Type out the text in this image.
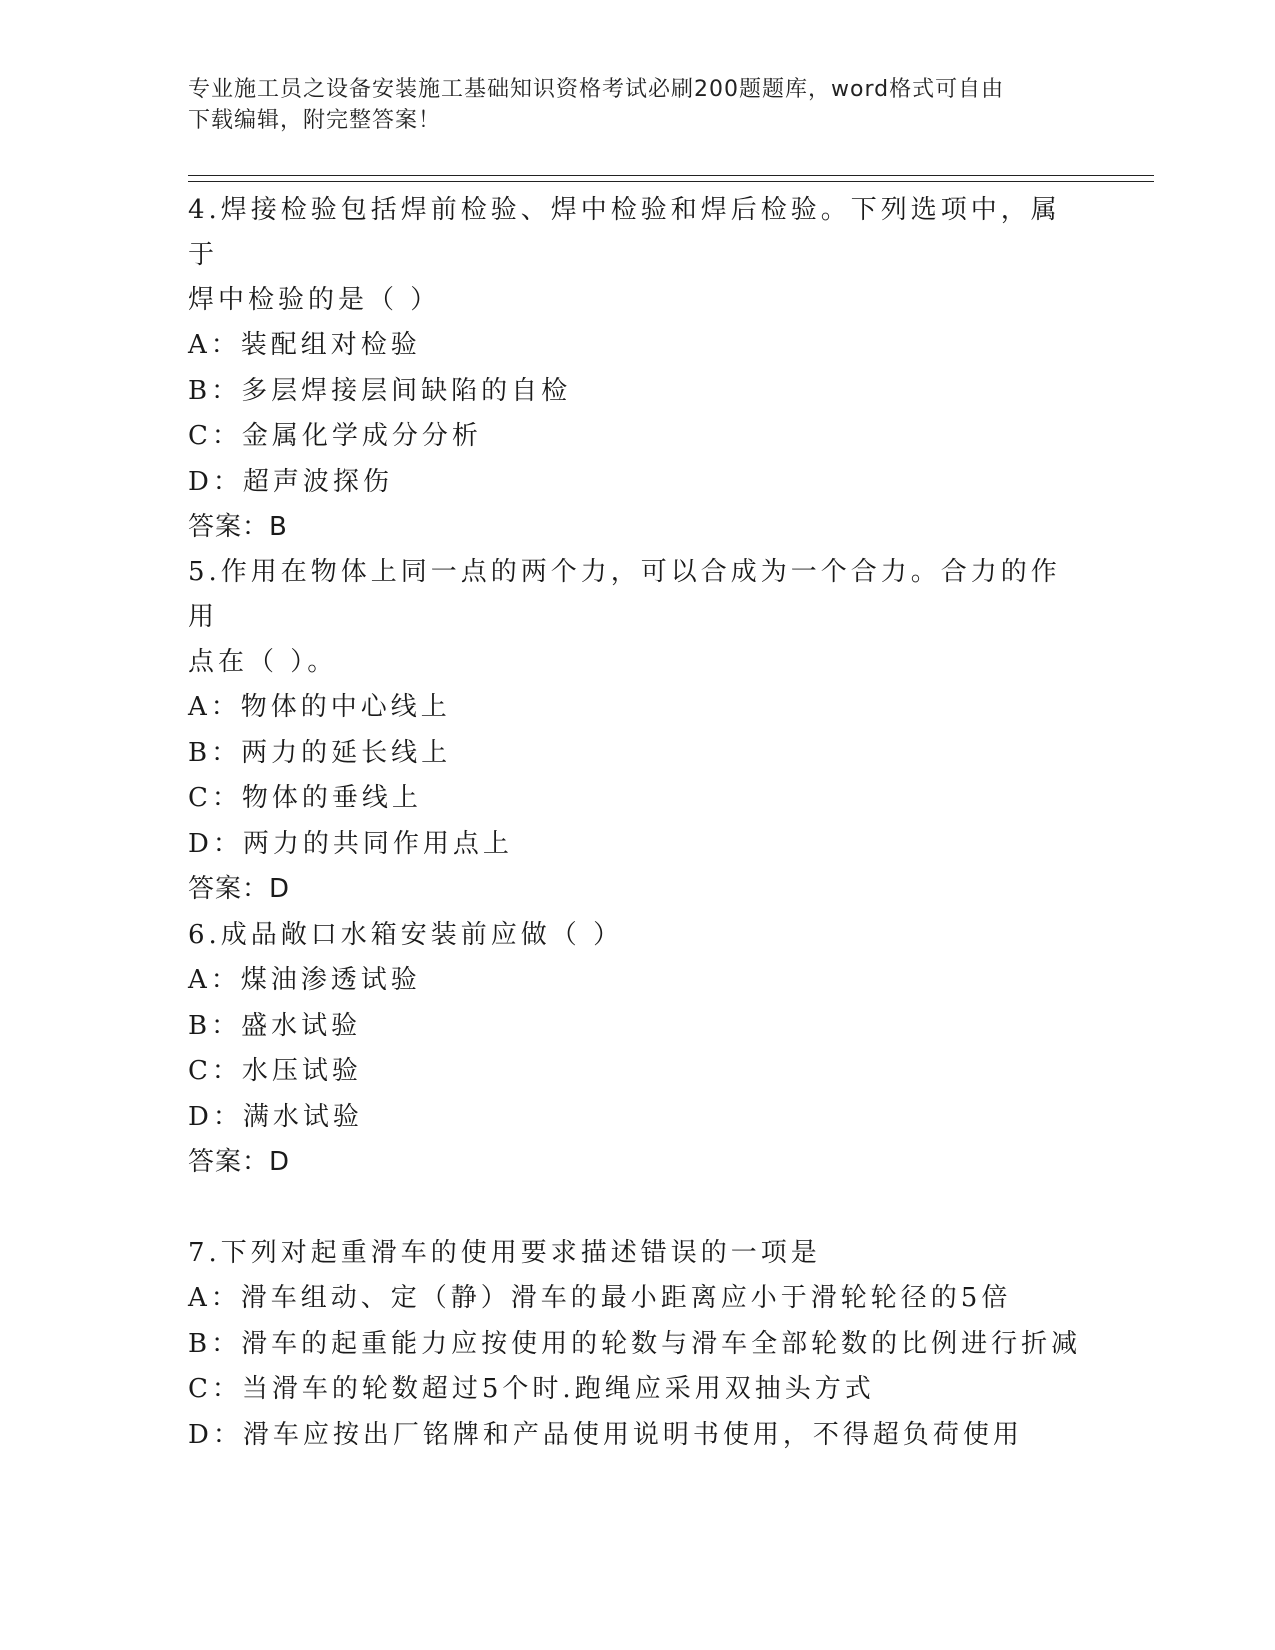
专业施工员之设备安装施工基础知识资格考试必刷200题题库，word格式可自由
下载编辑，附完整答案！

4.焊接检验包括焊前检验、焊中检验和焊后检验。下列选项中，属于

焊中检验的是（ ）

A：装配组对检验

B：多层焊接层间缺陷的自检

C：金属化学成分分析

D：超声波探伤

答案：B

5.作用在物体上同一点的两个力，可以合成为一个合力。合力的作用

点在（ ）。

A：物体的中心线上

B：两力的延长线上

C：物体的垂线上

D：两力的共同作用点上

答案：D

6.成品敞口水箱安装前应做（ ）

A：煤油渗透试验

B：盛水试验

C：水压试验

D：满水试验

答案：D

7.下列对起重滑车的使用要求描述错误的一项是

A：滑车组动、定（静）滑车的最小距离应小于滑轮轮径的5倍

B：滑车的起重能力应按使用的轮数与滑车全部轮数的比例进行折减

C：当滑车的轮数超过5个时.跑绳应采用双抽头方式

D：滑车应按出厂铭牌和产品使用说明书使用，不得超负荷使用
